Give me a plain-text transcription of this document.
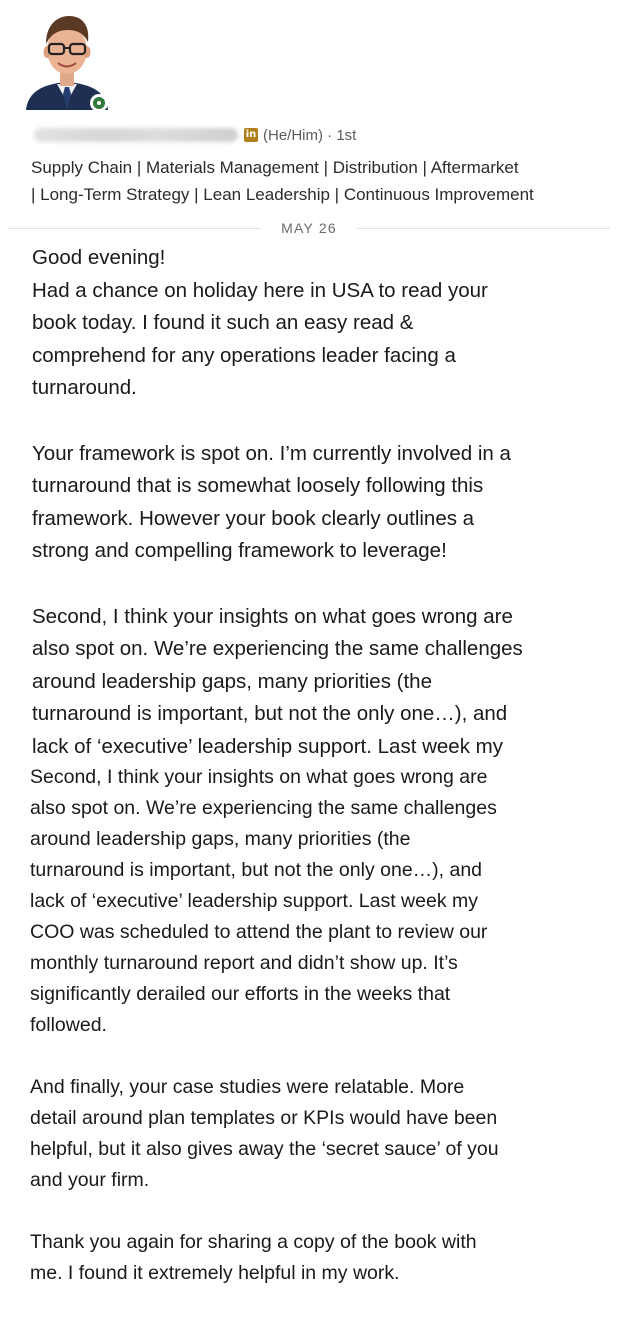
in (He/Him) · 1st
Supply Chain | Materials Management | Distribution | Aftermarket
| Long-Term Strategy | Lean Leadership | Continuous Improvement
MAY 26

Good evening!
Had a chance on holiday here in USA to read your
book today. I found it such an easy read &
comprehend for any operations leader facing a
turnaround.

Your framework is spot on. I’m currently involved in a
turnaround that is somewhat loosely following this
framework. However your book clearly outlines a
strong and compelling framework to leverage!

Second, I think your insights on what goes wrong are
also spot on. We’re experiencing the same challenges
around leadership gaps, many priorities (the
turnaround is important, but not the only one…), and
lack of ‘executive’ leadership support. Last week my

Second, I think your insights on what goes wrong are
also spot on. We’re experiencing the same challenges
around leadership gaps, many priorities (the
turnaround is important, but not the only one…), and
lack of ‘executive’ leadership support. Last week my
COO was scheduled to attend the plant to review our
monthly turnaround report and didn’t show up. It’s
significantly derailed our efforts in the weeks that
followed.

And finally, your case studies were relatable. More
detail around plan templates or KPIs would have been
helpful, but it also gives away the ‘secret sauce’ of you
and your firm.

Thank you again for sharing a copy of the book with
me. I found it extremely helpful in my work.
